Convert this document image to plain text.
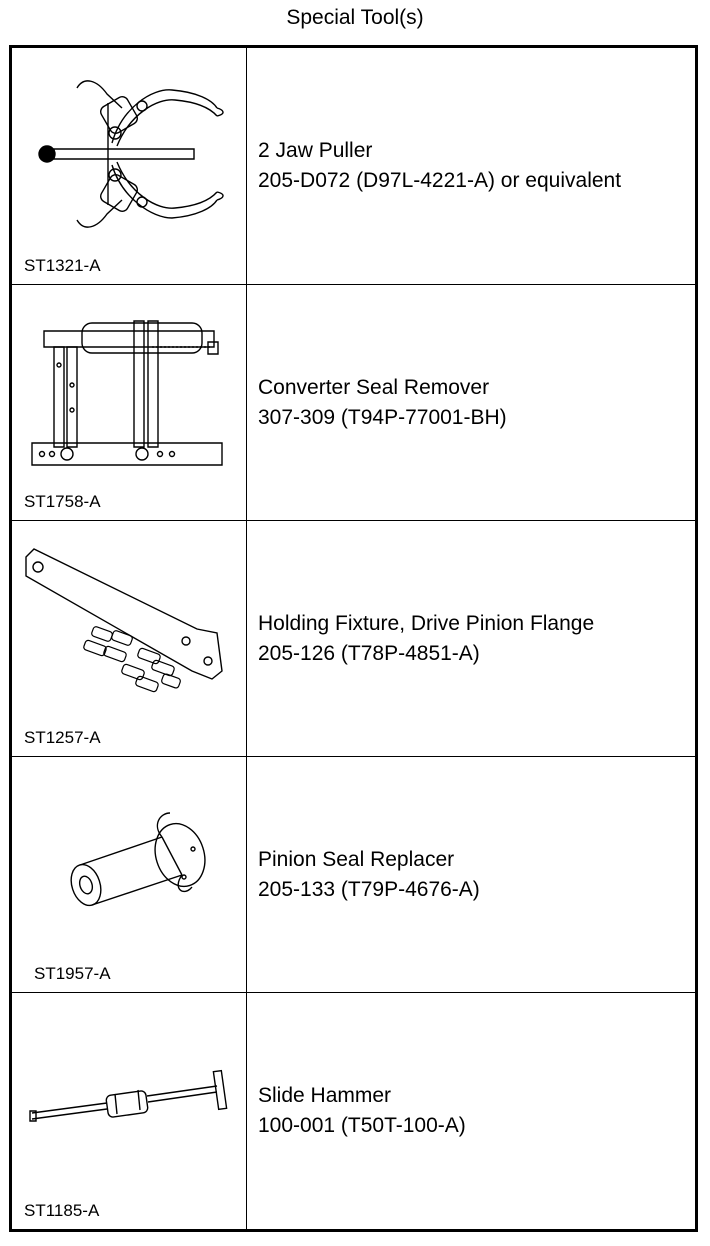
Special Tool(s)
ST1321-A
2 Jaw Puller
205-D072 (D97L-4221-A) or equivalent
ST1758-A
Converter Seal Remover
307-309 (T94P-77001-BH)
ST1257-A
Holding Fixture, Drive Pinion Flange
205-126 (T78P-4851-A)
ST1957-A
Pinion Seal Replacer
205-133 (T79P-4676-A)
ST1185-A
Slide Hammer
100-001 (T50T-100-A)
